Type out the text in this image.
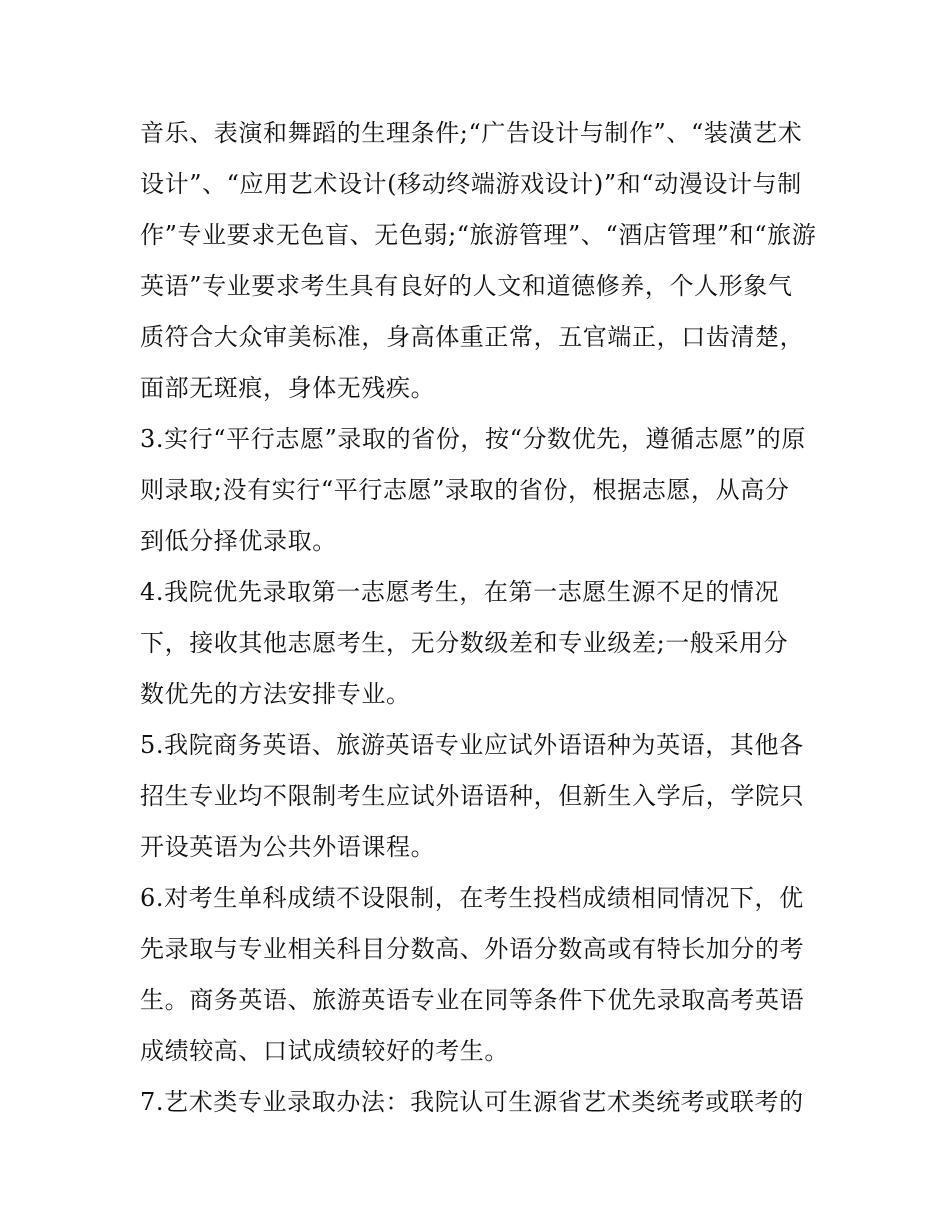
音乐、表演和舞蹈的生理条件;“广告设计与制作”、“装潢艺术
设计”、“应用艺术设计(移动终端游戏设计)”和“动漫设计与制
作”专业要求无色盲、无色弱;“旅游管理”、“酒店管理”和“旅游
英语”专业要求考生具有良好的人文和道德修养，个人形象气
质符合大众审美标准，身高体重正常，五官端正，口齿清楚，
面部无斑痕，身体无残疾。
3.实行“平行志愿”录取的省份，按“分数优先，遵循志愿”的原
则录取;没有实行“平行志愿”录取的省份，根据志愿，从高分
到低分择优录取。
4.我院优先录取第一志愿考生，在第一志愿生源不足的情况
下，接收其他志愿考生，无分数级差和专业级差;一般采用分
数优先的方法安排专业。
5.我院商务英语、旅游英语专业应试外语语种为英语，其他各
招生专业均不限制考生应试外语语种，但新生入学后，学院只
开设英语为公共外语课程。
6.对考生单科成绩不设限制，在考生投档成绩相同情况下，优
先录取与专业相关科目分数高、外语分数高或有特长加分的考
生。商务英语、旅游英语专业在同等条件下优先录取高考英语
成绩较高、口试成绩较好的考生。
7.艺术类专业录取办法：我院认可生源省艺术类统考或联考的
